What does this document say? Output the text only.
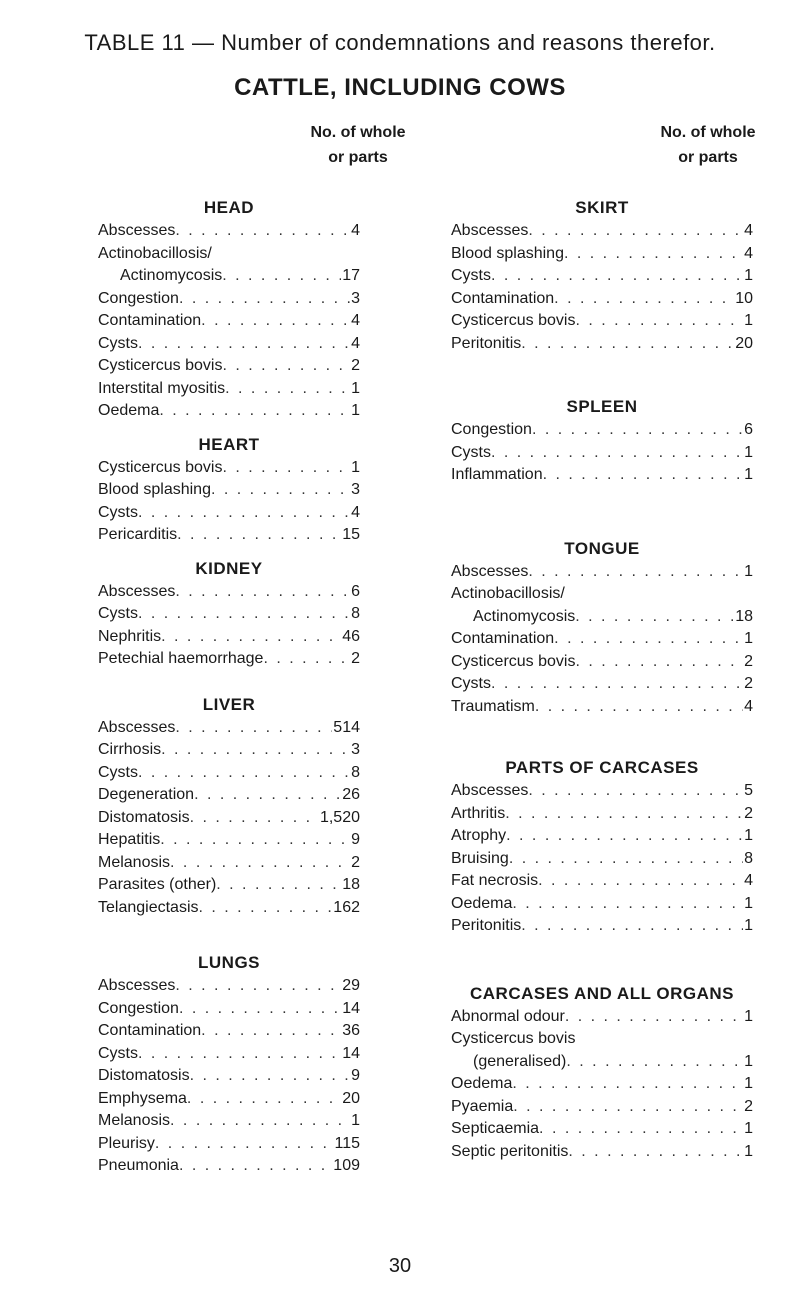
TABLE 11 — Number of condemnations and reasons therefor.
CATTLE, INCLUDING COWS
No. of whole
or parts
No. of whole
or parts
HEAD
Abscesses . . .	4
Actinobacillosis/
Actinomycosis . . .	17
Congestion . . .	3
Contamination . . .	4
Cysts . . .	4
Cysticercus bovis . . .	2
Interstital myositis . . .	1
Oedema . . .	1
HEART
Cysticercus bovis . . .	1
Blood splashing . . .	3
Cysts . . .	4
Pericarditis . . .	15
KIDNEY
Abscesses . . .	6
Cysts . . .	8
Nephritis . . .	46
Petechial haemorrhage . . .	2
LIVER
Abscesses . . .	514
Cirrhosis . . .	3
Cysts . . .	8
Degeneration . . .	26
Distomatosis . . .	1,520
Hepatitis . . .	9
Melanosis . . .	2
Parasites (other) . . .	18
Telangiectasis . . .	162
LUNGS
Abscesses . . .	29
Congestion . . .	14
Contamination . . .	36
Cysts . . .	14
Distomatosis . . .	9
Emphysema . . .	20
Melanosis . . .	1
Pleurisy . . .	115
Pneumonia . . .	109
SKIRT
Abscesses . . .	4
Blood splashing . . .	4
Cysts . . .	1
Contamination . . .	10
Cysticercus bovis . . .	1
Peritonitis . . .	20
SPLEEN
Congestion . . .	6
Cysts . . .	1
Inflammation . . .	1
TONGUE
Abscesses . . .	1
Actinobacillosis/
Actinomycosis . . .	18
Contamination . . .	1
Cysticercus bovis . . .	2
Cysts . . .	2
Traumatism . . .	4
PARTS OF CARCASES
Abscesses . . .	5
Arthritis . . .	2
Atrophy . . .	1
Bruising . . .	8
Fat necrosis . . .	4
Oedema . . .	1
Peritonitis . . .	1
CARCASES AND ALL ORGANS
Abnormal odour . . .	1
Cysticercus bovis
(generalised) . . .	1
Oedema . . .	1
Pyaemia . . .	2
Septicaemia . . .	1
Septic peritonitis . . .	1
30
